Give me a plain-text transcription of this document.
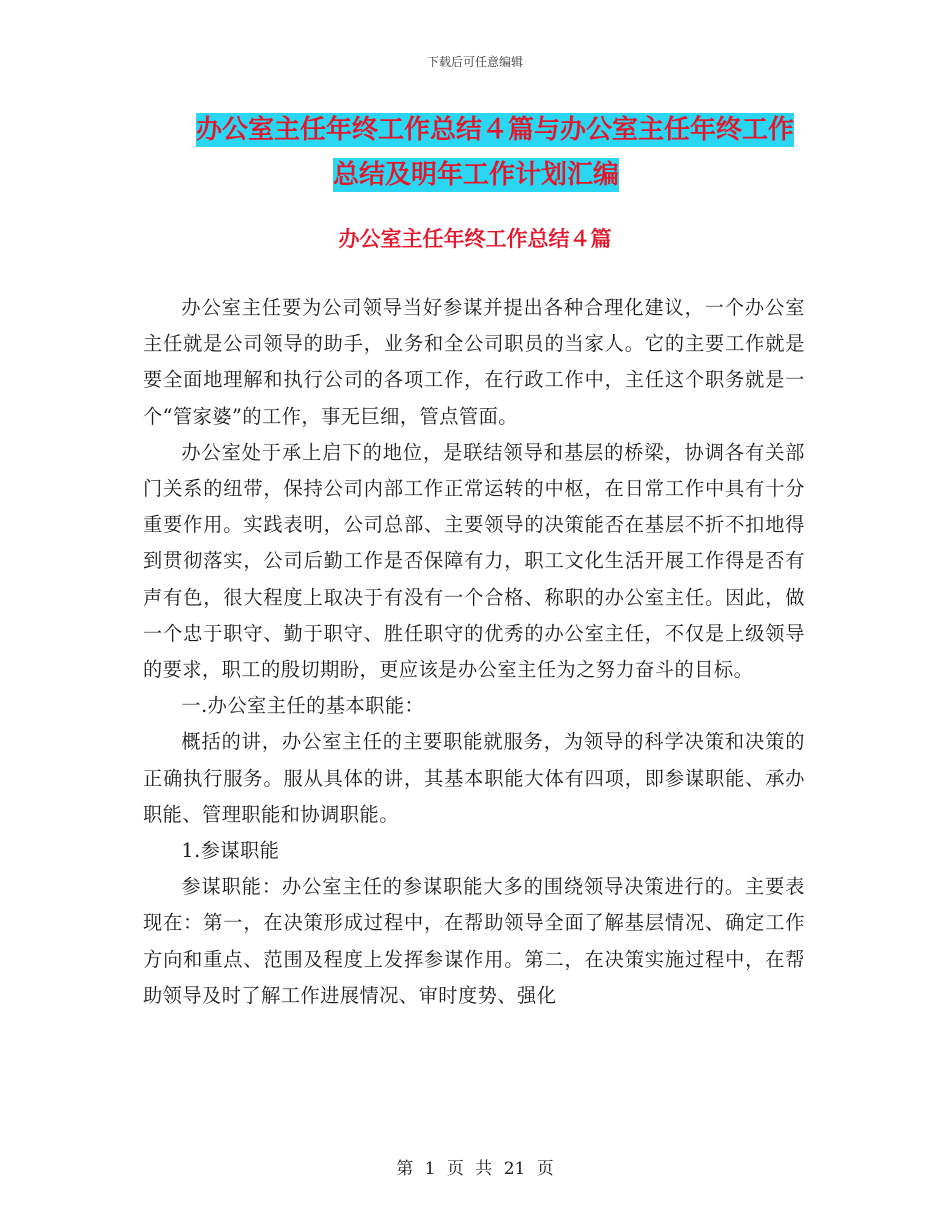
下载后可任意编辑
办公室主任年终工作总结４篇与办公室主任年终工作
总结及明年工作计划汇编
办公室主任年终工作总结４篇

办公室主任要为公司领导当好参谋并提出各种合理化建议，一个办公室主任就是公司领导的助手，业务和全公司职员的当家人。它的主要工作就是要全面地理解和执行公司的各项工作，在行政工作中，主任这个职务就是一个“管家婆”的工作，事无巨细，管点管面。

办公室处于承上启下的地位，是联结领导和基层的桥梁，协调各有关部门关系的纽带，保持公司内部工作正常运转的中枢，在日常工作中具有十分重要作用。实践表明，公司总部、主要领导的决策能否在基层不折不扣地得到贯彻落实，公司后勤工作是否保障有力，职工文化生活开展工作得是否有声有色，很大程度上取决于有没有一个合格、称职的办公室主任。因此，做一个忠于职守、勤于职守、胜任职守的优秀的办公室主任，不仅是上级领导的要求，职工的殷切期盼，更应该是办公室主任为之努力奋斗的目标。

一.办公室主任的基本职能：

概括的讲，办公室主任的主要职能就服务，为领导的科学决策和决策的正确执行服务。服从具体的讲，其基本职能大体有四项，即参谋职能、承办职能、管理职能和协调职能。

1.参谋职能

参谋职能：办公室主任的参谋职能大多的围绕领导决策进行的。主要表现在：第一，在决策形成过程中，在帮助领导全面了解基层情况、确定工作方向和重点、范围及程度上发挥参谋作用。第二，在决策实施过程中，在帮助领导及时了解工作进展情况、审时度势、强化

第 1 页 共 21 页
